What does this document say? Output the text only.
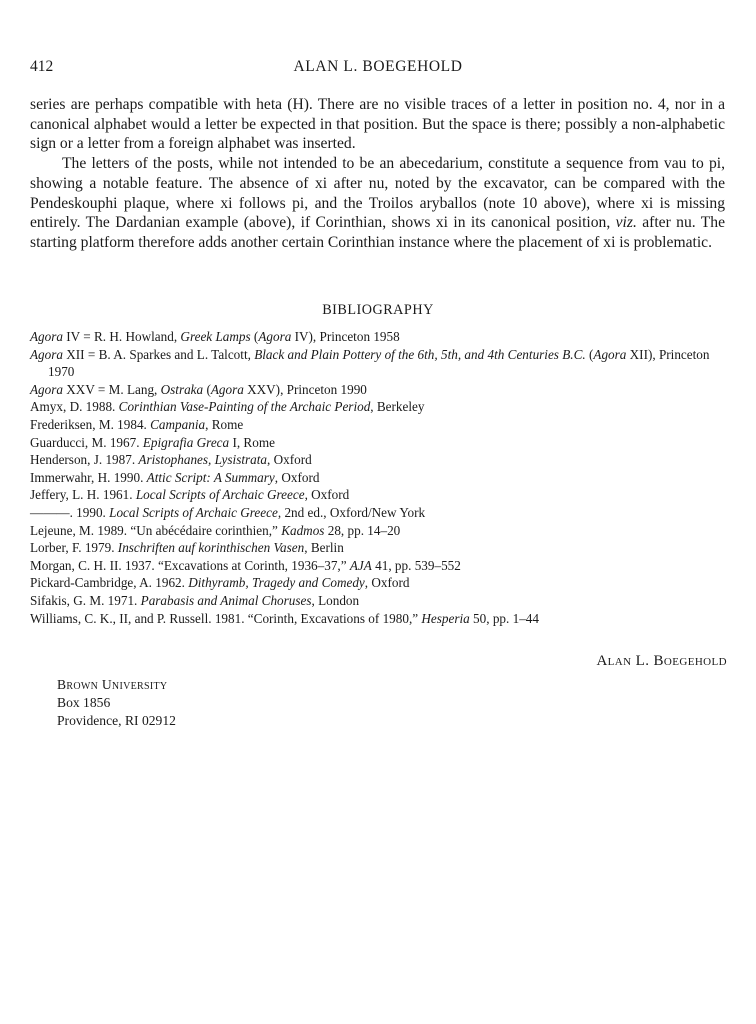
412	ALAN L. BOEGEHOLD

series are perhaps compatible with heta (H). There are no visible traces of a letter in position no. 4, nor in a canonical alphabet would a letter be expected in that position. But the space is there; possibly a non-alphabetic sign or a letter from a foreign alphabet was inserted.

The letters of the posts, while not intended to be an abecedarium, constitute a sequence from vau to pi, showing a notable feature. The absence of xi after nu, noted by the excavator, can be compared with the Pendeskouphi plaque, where xi follows pi, and the Troilos aryballos (note 10 above), where xi is missing entirely. The Dardanian example (above), if Corinthian, shows xi in its canonical position, viz. after nu. The starting platform therefore adds another certain Corinthian instance where the placement of xi is problematic.

BIBLIOGRAPHY
Agora IV = R. H. Howland, Greek Lamps (Agora IV), Princeton 1958
Agora XII = B. A. Sparkes and L. Talcott, Black and Plain Pottery of the 6th, 5th, and 4th Centuries B.C. (Agora XII), Princeton 1970
Agora XXV = M. Lang, Ostraka (Agora XXV), Princeton 1990
Amyx, D. 1988. Corinthian Vase-Painting of the Archaic Period, Berkeley
Frederiksen, M. 1984. Campania, Rome
Guarducci, M. 1967. Epigrafia Greca I, Rome
Henderson, J. 1987. Aristophanes, Lysistrata, Oxford
Immerwahr, H. 1990. Attic Script: A Summary, Oxford
Jeffery, L. H. 1961. Local Scripts of Archaic Greece, Oxford
———. 1990. Local Scripts of Archaic Greece, 2nd ed., Oxford/New York
Lejeune, M. 1989. “Un abécédaire corinthien,” Kadmos 28, pp. 14–20
Lorber, F. 1979. Inschriften auf korinthischen Vasen, Berlin
Morgan, C. H. II. 1937. “Excavations at Corinth, 1936–37,” AJA 41, pp. 539–552
Pickard-Cambridge, A. 1962. Dithyramb, Tragedy and Comedy, Oxford
Sifakis, G. M. 1971. Parabasis and Animal Choruses, London
Williams, C. K., II, and P. Russell. 1981. “Corinth, Excavations of 1980,” Hesperia 50, pp. 1–44
Alan L. Boegehold
Brown University
Box 1856
Providence, RI 02912
